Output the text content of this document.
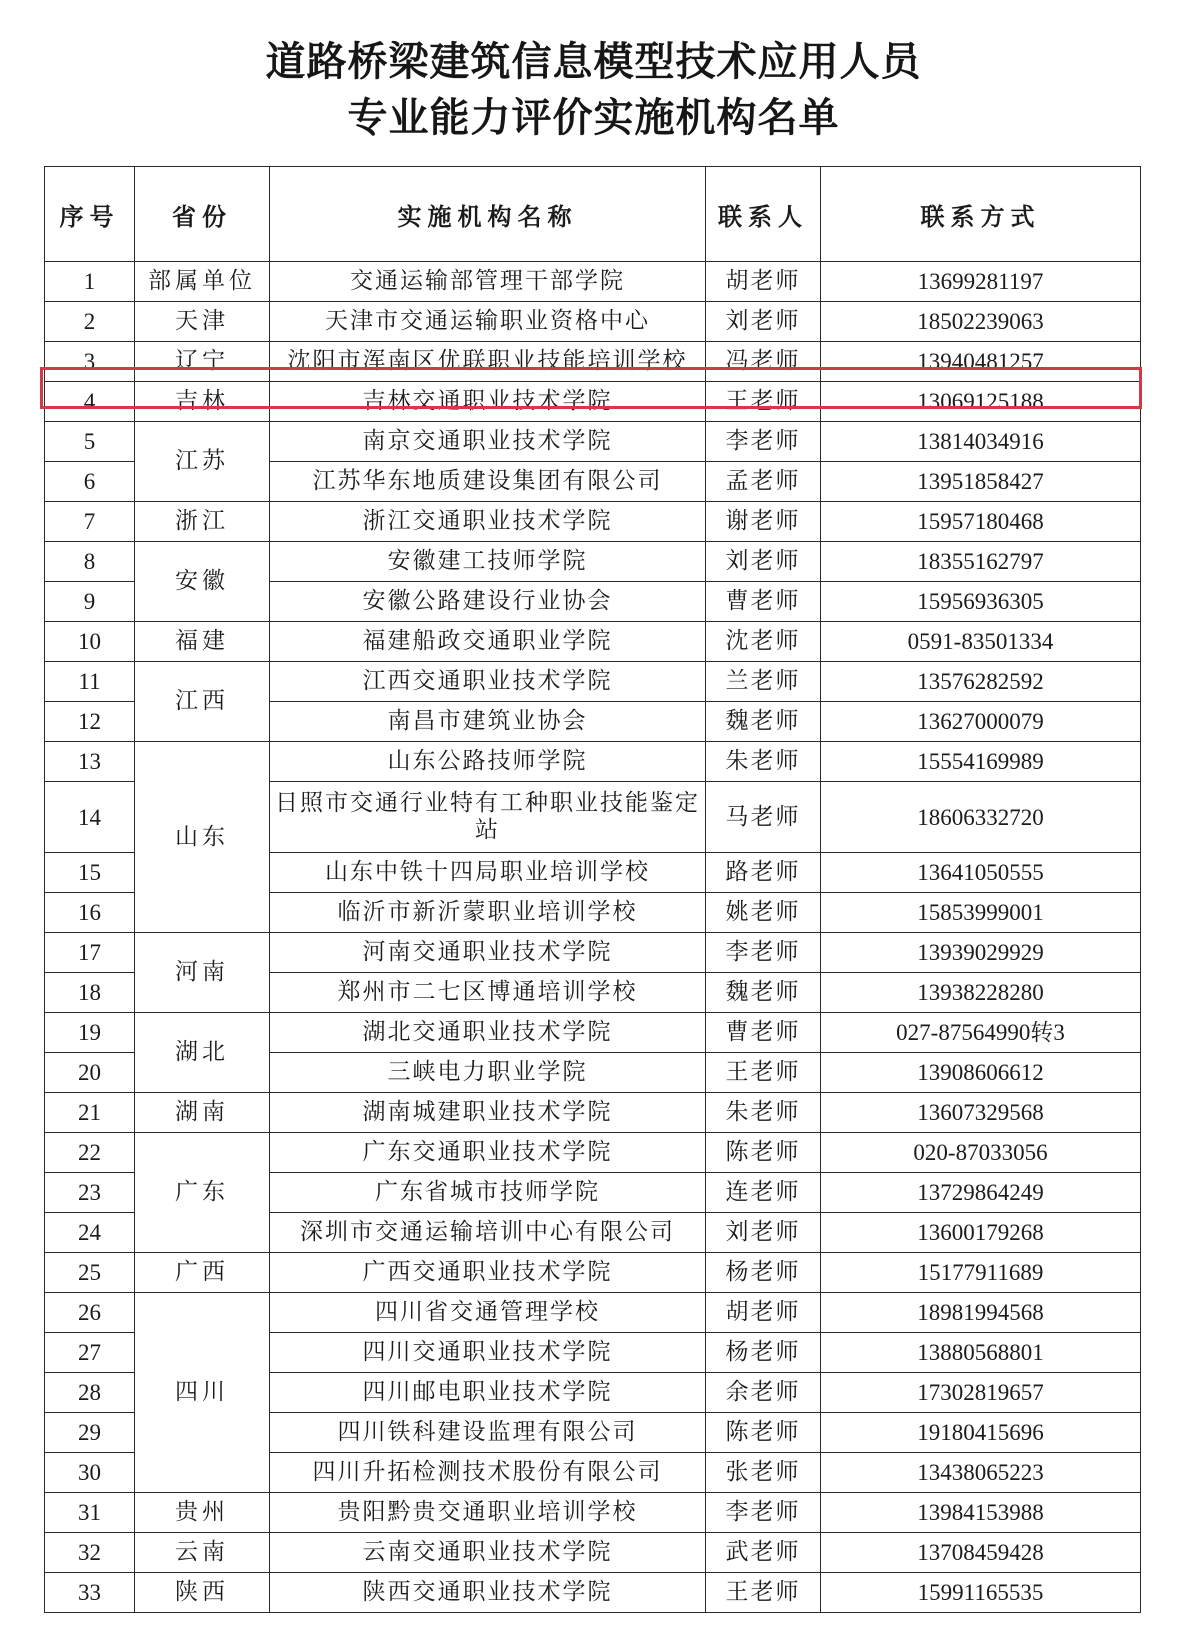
道路桥梁建筑信息模型技术应用人员
专业能力评价实施机构名单
序号	省份	实施机构名称	联系人	联系方式
1	部属单位	交通运输部管理干部学院	胡老师	13699281197
2	天津	天津市交通运输职业资格中心	刘老师	18502239063
3	辽宁	沈阳市浑南区优联职业技能培训学校	冯老师	13940481257
4	吉林	吉林交通职业技术学院	王老师	13069125188
5	江苏	南京交通职业技术学院	李老师	13814034916
6		江苏华东地质建设集团有限公司	孟老师	13951858427
7	浙江	浙江交通职业技术学院	谢老师	15957180468
8	安徽	安徽建工技师学院	刘老师	18355162797
9		安徽公路建设行业协会	曹老师	15956936305
10	福建	福建船政交通职业学院	沈老师	0591-83501334
11	江西	江西交通职业技术学院	兰老师	13576282592
12		南昌市建筑业协会	魏老师	13627000079
13	山东	山东公路技师学院	朱老师	15554169989
14		日照市交通行业特有工种职业技能鉴定站	马老师	18606332720
15		山东中铁十四局职业培训学校	路老师	13641050555
16		临沂市新沂蒙职业培训学校	姚老师	15853999001
17	河南	河南交通职业技术学院	李老师	13939029929
18		郑州市二七区博通培训学校	魏老师	13938228280
19	湖北	湖北交通职业技术学院	曹老师	027-87564990转3
20		三峡电力职业学院	王老师	13908606612
21	湖南	湖南城建职业技术学院	朱老师	13607329568
22	广东	广东交通职业技术学院	陈老师	020-87033056
23		广东省城市技师学院	连老师	13729864249
24		深圳市交通运输培训中心有限公司	刘老师	13600179268
25	广西	广西交通职业技术学院	杨老师	15177911689
26	四川	四川省交通管理学校	胡老师	18981994568
27		四川交通职业技术学院	杨老师	13880568801
28		四川邮电职业技术学院	余老师	17302819657
29		四川铁科建设监理有限公司	陈老师	19180415696
30		四川升拓检测技术股份有限公司	张老师	13438065223
31	贵州	贵阳黔贵交通职业培训学校	李老师	13984153988
32	云南	云南交通职业技术学院	武老师	13708459428
33	陕西	陕西交通职业技术学院	王老师	15991165535
